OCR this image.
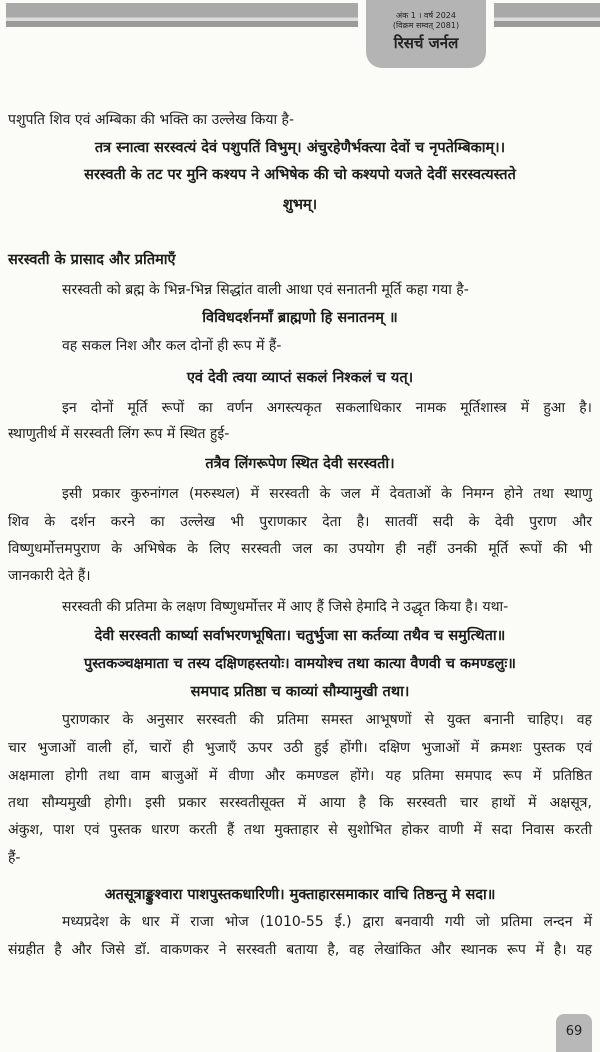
अंक 1 । वर्ष 2024
(विक्रम सम्वत् 2081)
रिसर्च जर्नल
पशुपति शिव एवं अम्बिका की भक्ति का उल्लेख किया है-
तत्र स्नात्वा सरस्वत्यं देवं पशुपतिं विभुम्। अंचुरहेणैर्भक्त्या देवों च नृपतेम्बिकाम्।।
सरस्वती के तट पर मुनि कश्यप ने अभिषेक की चो कश्यपो यजते देवीं सरस्वत्यस्तते
शुभम्।
सरस्वती के प्रासाद और प्रतिमाएँ
सरस्वती को ब्रह्म के भिन्न-भिन्न सिद्धांत वाली आधा एवं सनातनी मूर्ति कहा गया है-
विविधदर्शनमाँ ब्राह्मणो हि सनातनम् ॥
वह सकल निश और कल दोनों ही रूप में हैं-
एवं देवी त्वया व्याप्तं सकलं निश्कलं च यत्।
इन दोनों मूर्ति रूपों का वर्णन अगस्त्यकृत सकलाधिकार नामक मूर्तिशास्त्र में हुआ है।
स्थाणुतीर्थ में सरस्वती लिंग रूप में स्थित हुई-
तत्रैव लिंगरूपेण स्थित देवी सरस्वती।
इसी प्रकार कुरुनांगल (मरुस्थल) में सरस्वती के जल में देवताओं के निमग्न होने तथा स्थाणु
शिव के दर्शन करने का उल्लेख भी पुराणकार देता है। सातवीं सदी के देवी पुराण और
विष्णुधर्मोत्तमपुराण के अभिषेक के लिए सरस्वती जल का उपयोग ही नहीं उनकी मूर्ति रूपों की भी
जानकारी देते हैं।
सरस्वती की प्रतिमा के लक्षण विष्णुधर्मोत्तर में आए हैं जिसे हेमादि ने उद्धृत किया है। यथा-
देवी सरस्वती कार्ष्या सर्वाभरणभूषिता। चतुर्भुजा सा कर्तव्या तथैव च समुत्थिता॥
पुस्तकञ्चक्षमाता च तस्य दक्षिणहस्तयोः। वामयोश्च तथा कात्या वैणवी च कमण्डलुः॥
समपाद प्रतिष्ठा च काव्यां सौम्यामुखी तथा।
पुराणकार के अनुसार सरस्वती की प्रतिमा समस्त आभूषणों से युक्त बनानी चाहिए। वह
चार भुजाओं वाली हों, चारों ही भुजाएँ ऊपर उठी हुई होंगी। दक्षिण भुजाओं में क्रमशः पुस्तक एवं
अक्षमाला होगी तथा वाम बाजुओं में वीणा और कमण्डल होंगे। यह प्रतिमा समपाद रूप में प्रतिष्ठित
तथा सौम्यमुखी होगी। इसी प्रकार सरस्वतीसूक्त में आया है कि सरस्वती चार हाथों में अक्षसूत्र,
अंकुश, पाश एवं पुस्तक धारण करती हैं तथा मुक्ताहार से सुशोभित होकर वाणी में सदा निवास करती
हैं-
अतसूत्राङ्कुश्वारा पाशपुस्तकधारिणी। मुक्ताहारसमाकार वाचि तिष्ठन्तु मे सदा॥
मध्यप्रदेश के धार में राजा भोज (1010-55 ई.) द्वारा बनवायी गयी जो प्रतिमा लन्दन में
संग्रहीत है और जिसे डॉ. वाकणकर ने सरस्वती बताया है, वह लेखांकित और स्थानक रूप में है। यह
69
